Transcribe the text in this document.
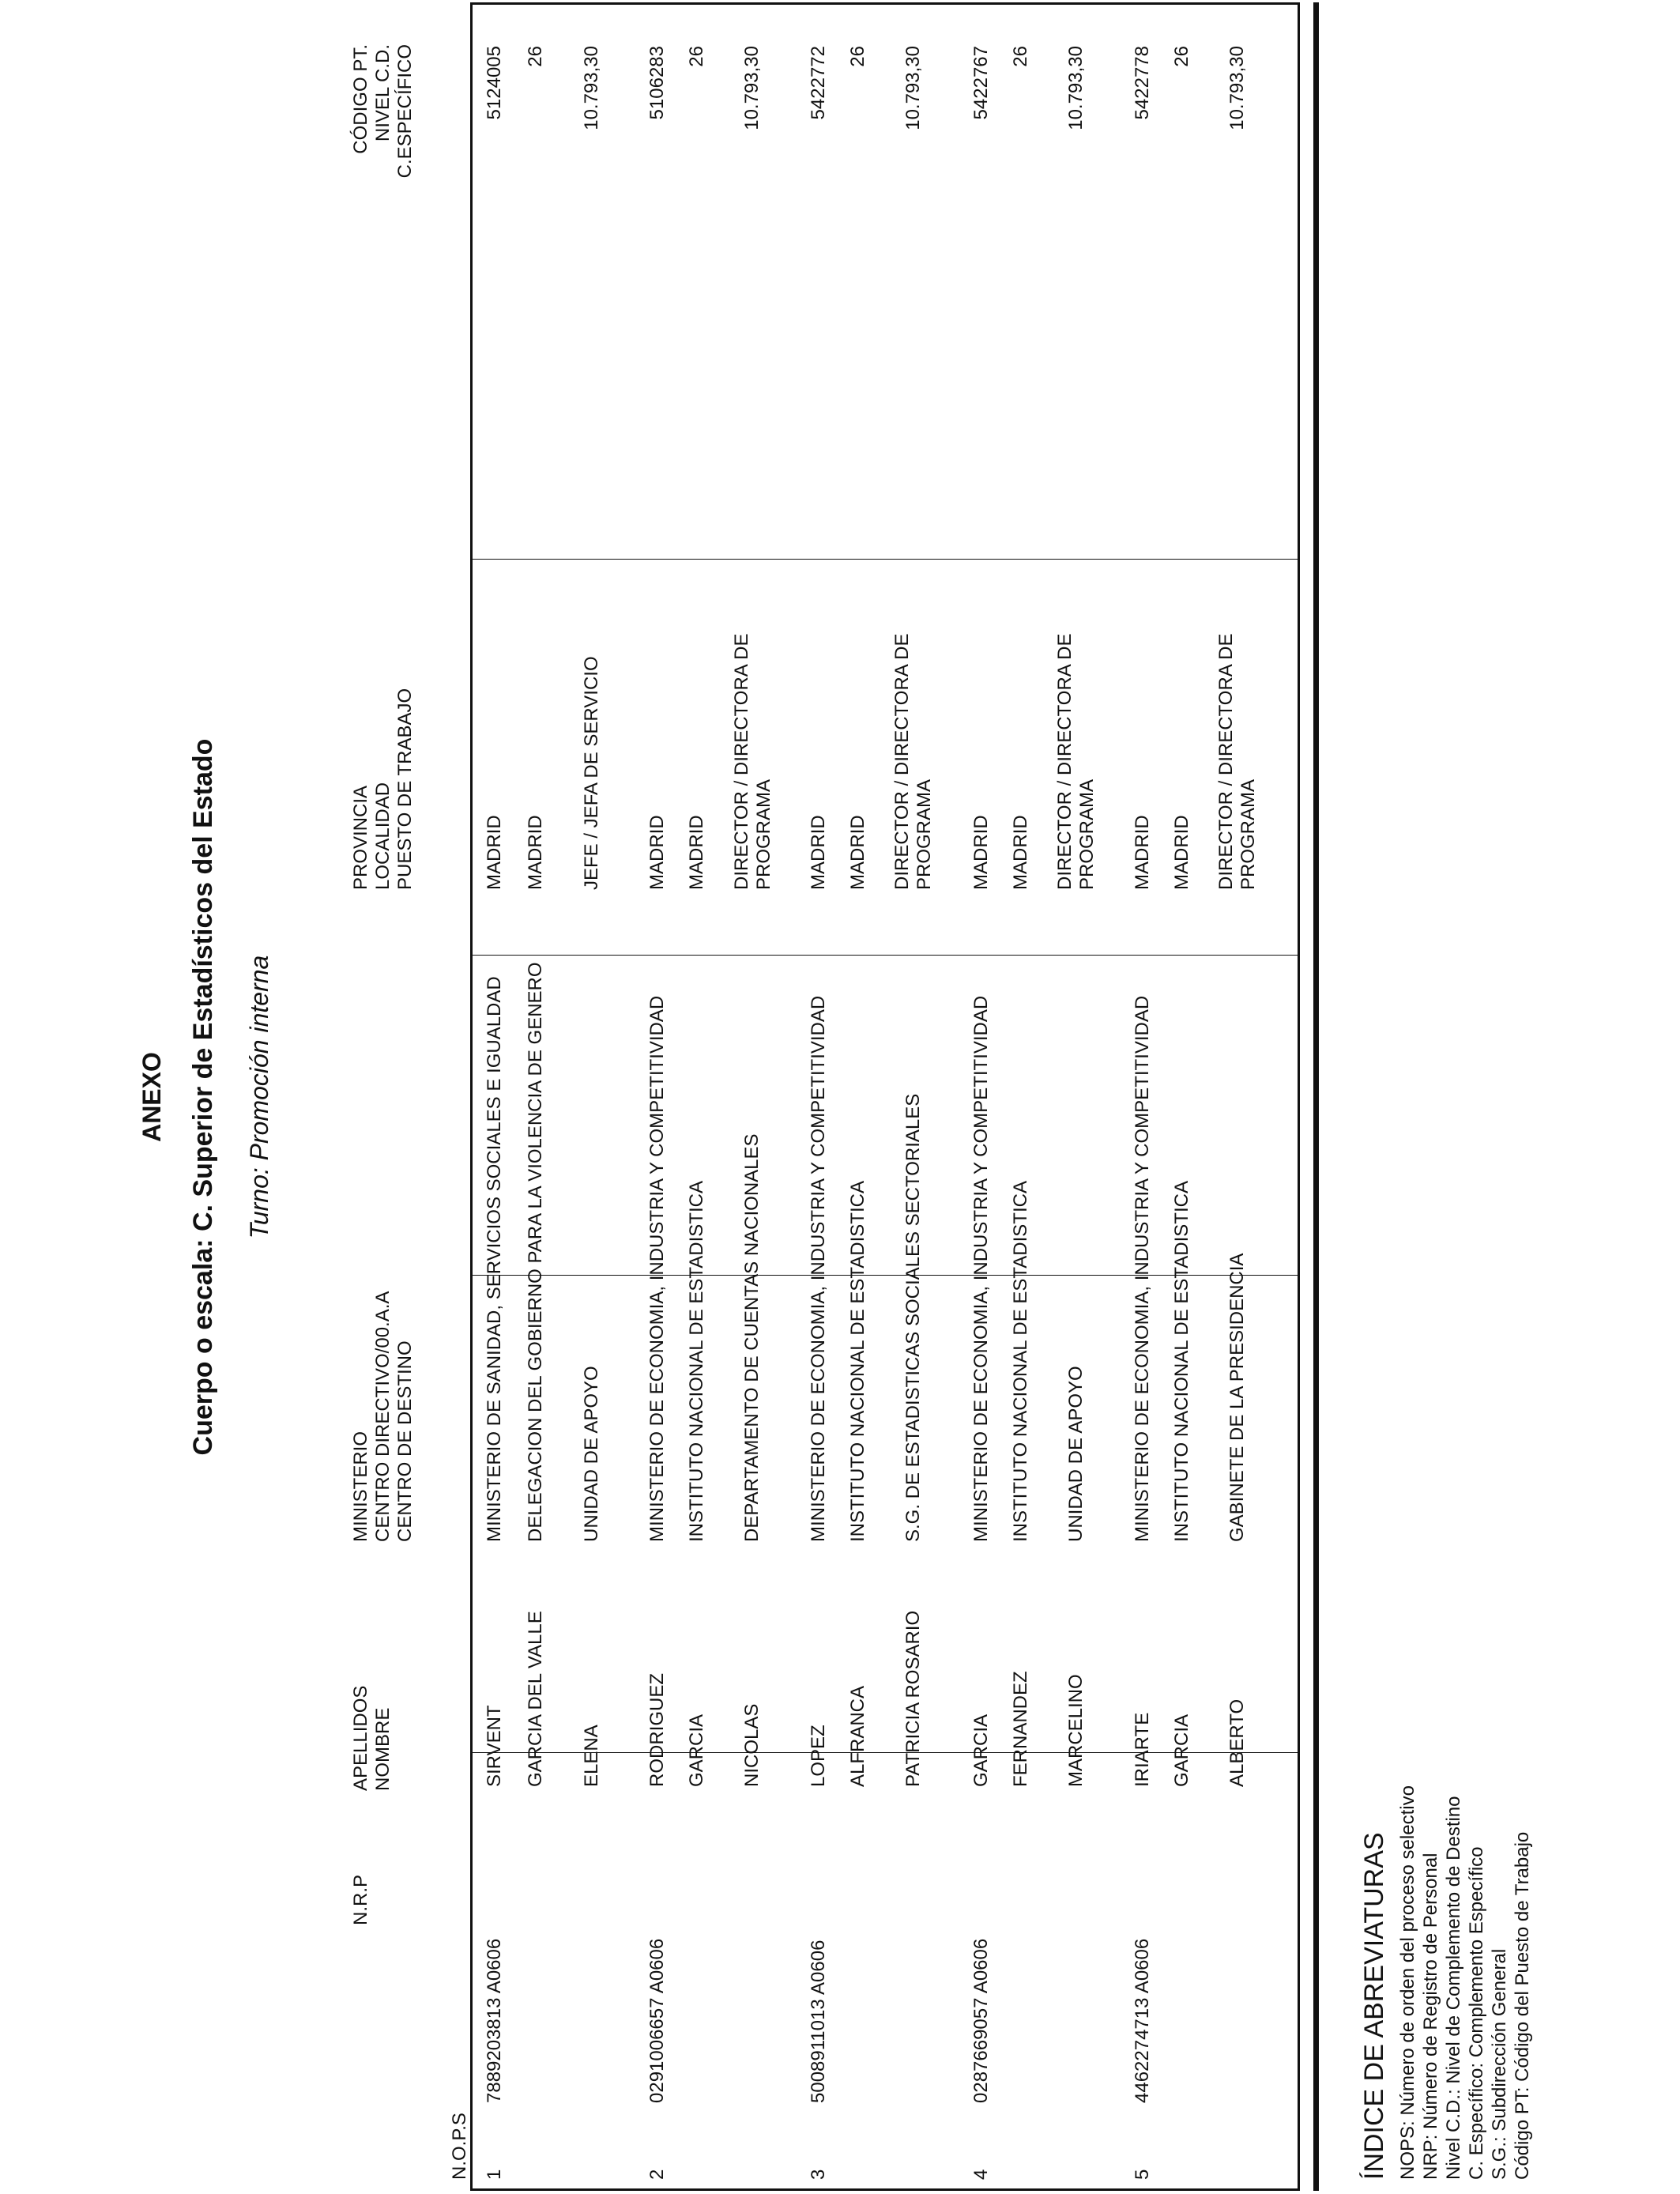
ANEXO Cuerpo o escala: C. Superior de Estadísticos del Estado Turno: Promoción interna
N.O.P.S
N.R.P
APELLIDOS NOMBRE
MINISTERIO CENTRO DIRECTIVO/00.A.A CENTRO DE DESTINO
PROVINCIA LOCALIDAD PUESTO DE TRABAJO
CÓDIGO PT. NIVEL C.D. C.ESPECÍFICO
1
7889203813 A0606
SIRVENT GARCIA DEL VALLE ELENA
MINISTERIO DE SANIDAD, SERVICIOS SOCIALES E IGUALDAD DELEGACION DEL GOBIERNO PARA LA VIOLENCIA DE GENERO UNIDAD DE APOYO
MADRID MADRID JEFE / JEFA DE SERVICIO
5124005 26 10.793,30
2
0291006657 A0606
RODRIGUEZ GARCIA NICOLAS
MINISTERIO DE ECONOMIA, INDUSTRIA Y COMPETITIVIDAD INSTITUTO NACIONAL DE ESTADISTICA DEPARTAMENTO DE CUENTAS NACIONALES
MADRID MADRID DIRECTOR / DIRECTORA DE PROGRAMA
5106283 26 10.793,30
3
5008911013 A0606
LOPEZ ALFRANCA PATRICIA ROSARIO
MINISTERIO DE ECONOMIA, INDUSTRIA Y COMPETITIVIDAD INSTITUTO NACIONAL DE ESTADISTICA S.G. DE ESTADISTICAS SOCIALES SECTORIALES
MADRID MADRID DIRECTOR / DIRECTORA DE PROGRAMA
5422772 26 10.793,30
4
0287669057 A0606
GARCIA FERNANDEZ MARCELINO
MINISTERIO DE ECONOMIA, INDUSTRIA Y COMPETITIVIDAD INSTITUTO NACIONAL DE ESTADISTICA UNIDAD DE APOYO
MADRID MADRID DIRECTOR / DIRECTORA DE PROGRAMA
5422767 26 10.793,30
5
4462274713 A0606
IRIARTE GARCIA ALBERTO
MINISTERIO DE ECONOMIA, INDUSTRIA Y COMPETITIVIDAD INSTITUTO NACIONAL DE ESTADISTICA GABINETE DE LA PRESIDENCIA
MADRID MADRID DIRECTOR / DIRECTORA DE PROGRAMA
5422778 26 10.793,30
ÍNDICE DE ABREVIATURAS NOPS: Número de orden del proceso selectivo NRP: Número de Registro de Personal Nivel C.D.: Nivel de Complemento de Destino C. Específico: Complemento Específico S.G.: Subdirección General Código PT: Código del Puesto de Trabajo
